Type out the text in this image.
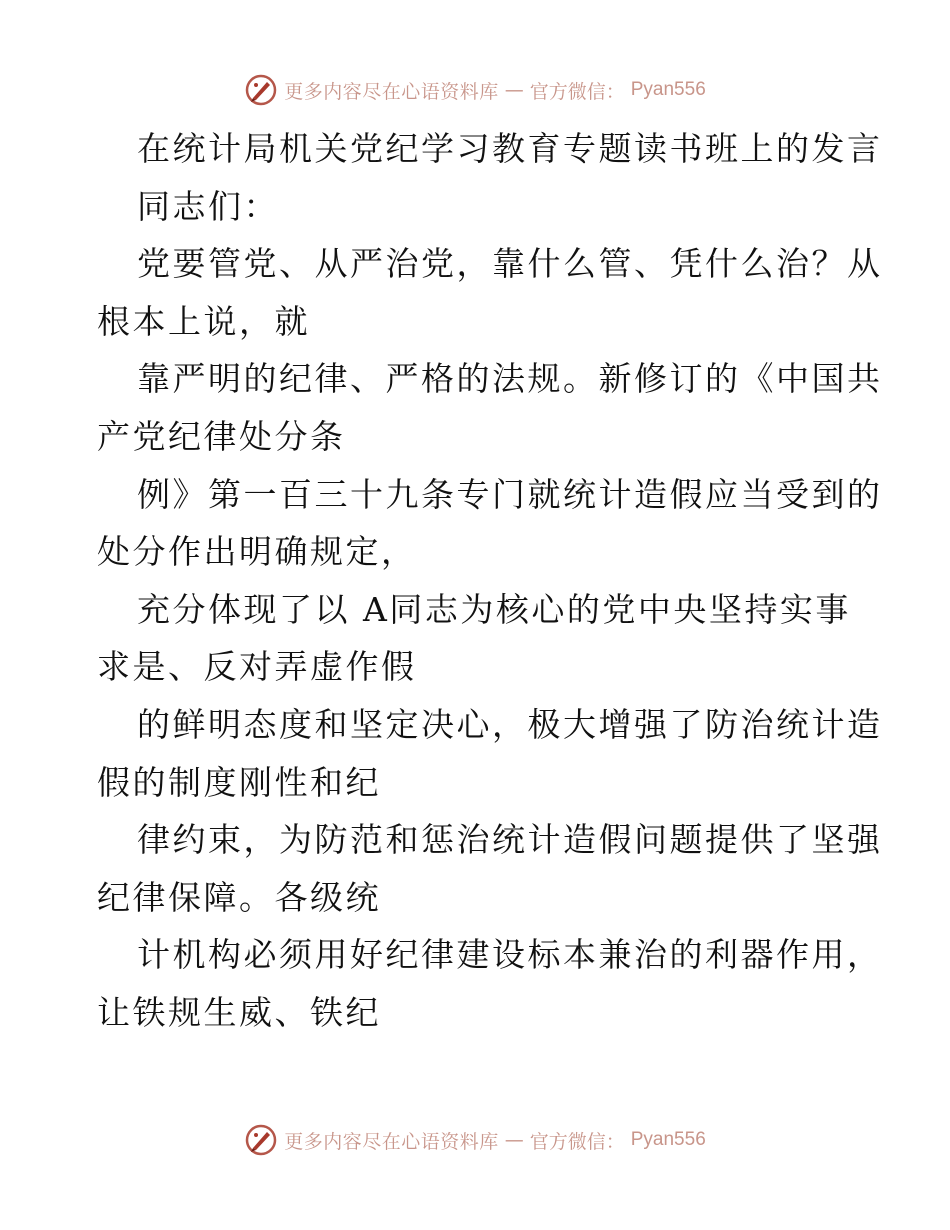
更多内容尽在心语资料库 — 官方微信： Pyan556
在统计局机关党纪学习教育专题读书班上的发言
同志们：
党要管党、从严治党，靠什么管、凭什么治？从
根本上说，就
靠严明的纪律、严格的法规。新修订的《中国共
产党纪律处分条
例》第一百三十九条专门就统计造假应当受到的
处分作出明确规定，
充分体现了以 A同志为核心的党中央坚持实事
求是、反对弄虚作假
的鲜明态度和坚定决心，极大增强了防治统计造
假的制度刚性和纪
律约束，为防范和惩治统计造假问题提供了坚强
纪律保障。各级统
计机构必须用好纪律建设标本兼治的利器作用，
让铁规生威、铁纪
更多内容尽在心语资料库 — 官方微信： Pyan556
